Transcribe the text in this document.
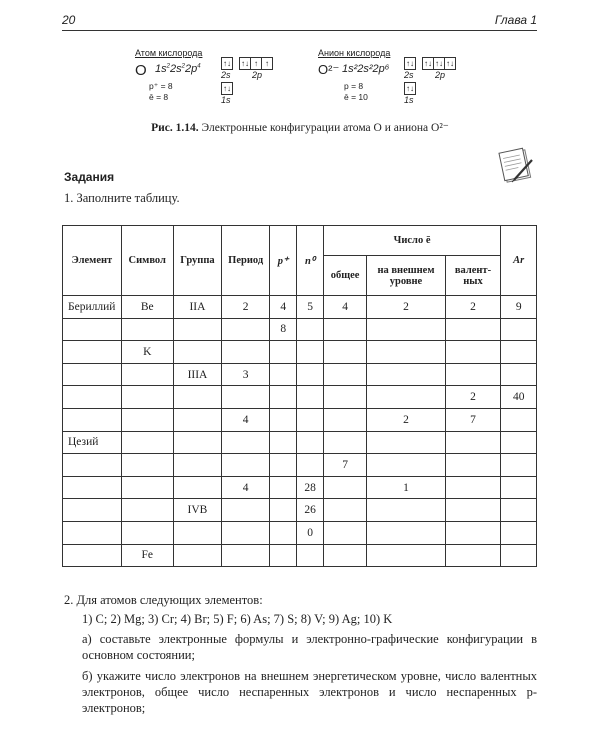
20	Глава 1
Атом кислорода
O $1s^22s^22p^4$
p⁺ = 8
ē = 8
↑↓ ↑↓ ↑ ↑
2s 2p
↑↓
1s
Анион кислорода
O²⁻ 1s²2s²2p⁶
p = 8
ē = 10
↑↓ ↑↓ ↑↓ ↑↓
2s 2p
↑↓
1s
Рис. 1.14. Электронные конфигурации атома O и аниона O²⁻
Задания
1. Заполните таблицу.
Элемент	Символ	Группа	Период	p⁺	n⁰	Число ē			Ar
						общее	на внешнем уровне	валент-ных	
Бериллий	Be	IIA	2	4	5	4	2	2	9
				8					
	K								
		IIIA	3						
								2	40
			4				2	7	
Цезий									
						7			
			4		28		1		
		IVB			26				
					0				
	Fe								
2. Для атомов следующих элементов:
1) C; 2) Mg; 3) Cr; 4) Br; 5) F; 6) As; 7) S; 8) V; 9) Ag; 10) K
а) составьте электронные формулы и электронно-графические конфигурации в основном состоянии;
б) укажите число электронов на внешнем энергетическом уровне, число валентных электронов, общее число неспаренных электронов и число неспаренных p-электронов;
